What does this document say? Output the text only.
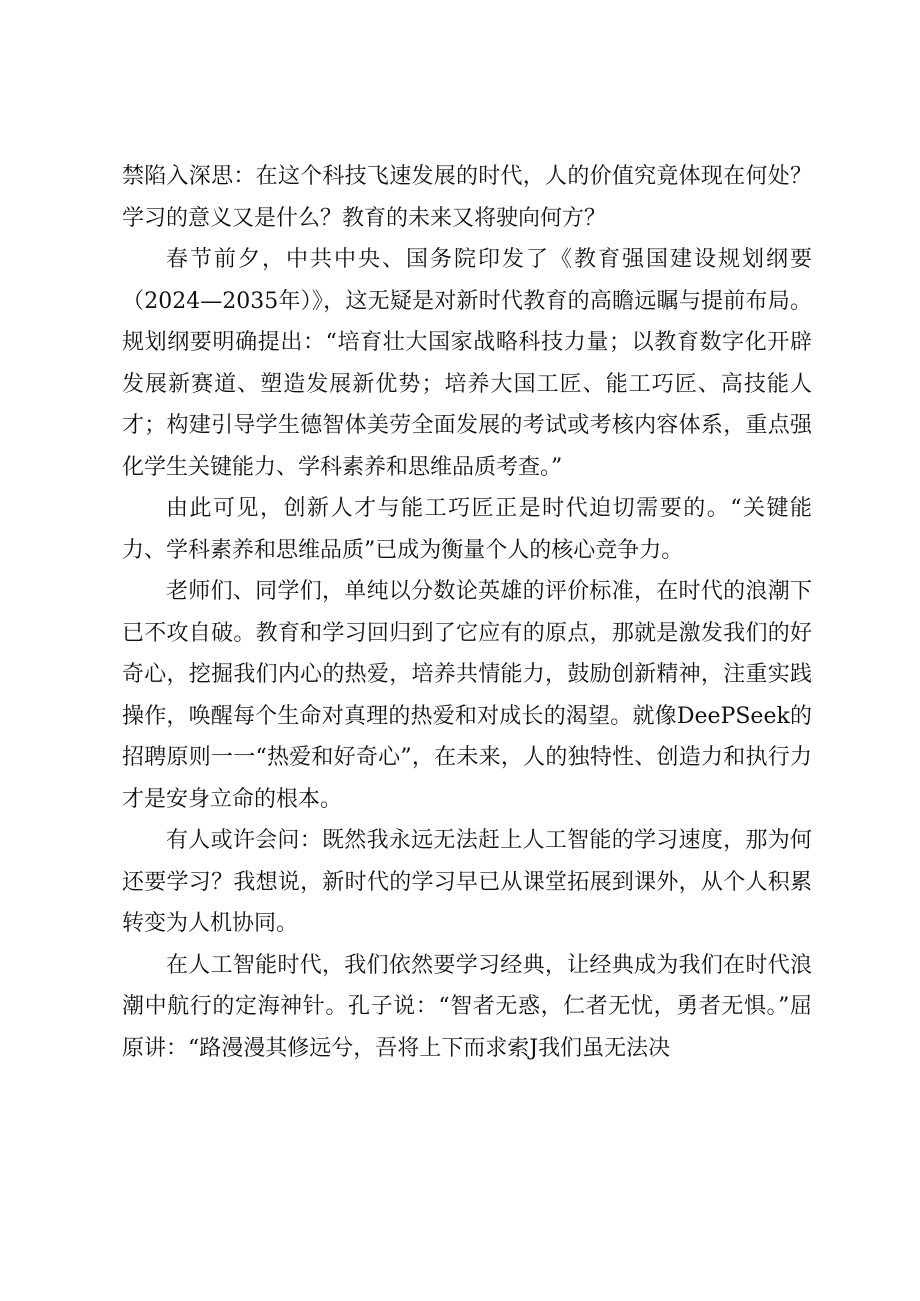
禁陷入深思：在这个科技飞速发展的时代，人的价值究竟体现在何处？学习的意义又是什么？教育的未来又将驶向何方？

春节前夕，中共中央、国务院印发了《教育强国建设规划纲要（2024—2035年）》，这无疑是对新时代教育的高瞻远瞩与提前布局。规划纲要明确提出：“培育壮大国家战略科技力量；以教育数字化开辟发展新赛道、塑造发展新优势；培养大国工匠、能工巧匠、高技能人才；构建引导学生德智体美劳全面发展的考试或考核内容体系，重点强化学生关键能力、学科素养和思维品质考查。”

由此可见，创新人才与能工巧匠正是时代迫切需要的。“关键能力、学科素养和思维品质”已成为衡量个人的核心竞争力。

老师们、同学们，单纯以分数论英雄的评价标准，在时代的浪潮下已不攻自破。教育和学习回归到了它应有的原点，那就是激发我们的好奇心，挖掘我们内心的热爱，培养共情能力，鼓励创新精神，注重实践操作，唤醒每个生命对真理的热爱和对成长的渴望。就像DeePSeek的招聘原则一一“热爱和好奇心”，在未来，人的独特性、创造力和执行力才是安身立命的根本。

有人或许会问：既然我永远无法赶上人工智能的学习速度，那为何还要学习？我想说，新时代的学习早已从课堂拓展到课外，从个人积累转变为人机协同。

在人工智能时代，我们依然要学习经典，让经典成为我们在时代浪潮中航行的定海神针。孔子说：“智者无惑，仁者无忧，勇者无惧。”屈原讲：“路漫漫其修远兮，吾将上下而求索J我们虽无法决
